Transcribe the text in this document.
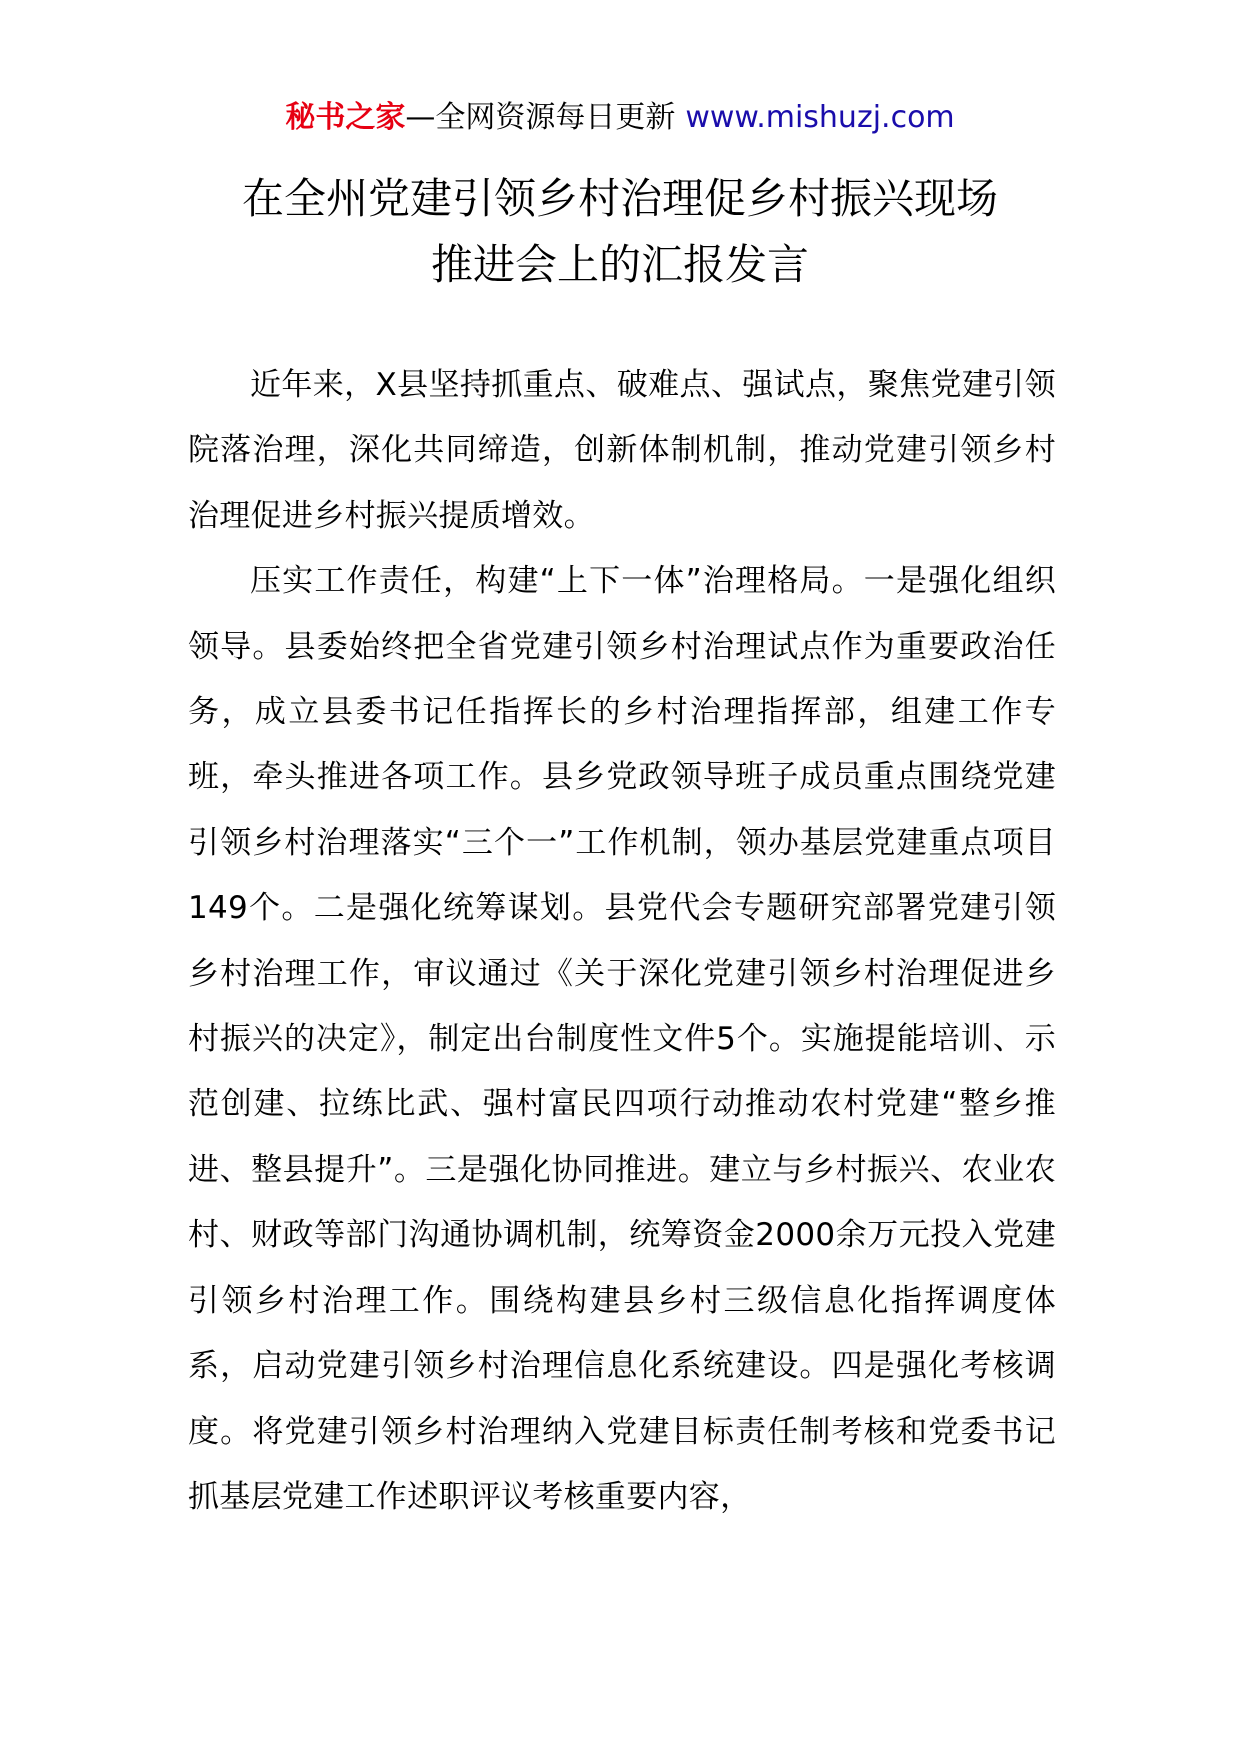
秘书之家—全网资源每日更新 www.mishuzj.com
在全州党建引领乡村治理促乡村振兴现场
推进会上的汇报发言

近年来，X县坚持抓重点、破难点、强试点，聚焦党建引领院落治理，深化共同缔造，创新体制机制，推动党建引领乡村治理促进乡村振兴提质增效。

压实工作责任，构建“上下一体”治理格局。一是强化组织领导。县委始终把全省党建引领乡村治理试点作为重要政治任务，成立县委书记任指挥长的乡村治理指挥部，组建工作专班，牵头推进各项工作。县乡党政领导班子成员重点围绕党建引领乡村治理落实“三个一”工作机制，领办基层党建重点项目149个。二是强化统筹谋划。县党代会专题研究部署党建引领乡村治理工作，审议通过《关于深化党建引领乡村治理促进乡村振兴的决定》，制定出台制度性文件5个。实施提能培训、示范创建、拉练比武、强村富民四项行动推动农村党建“整乡推进、整县提升”。三是强化协同推进。建立与乡村振兴、农业农村、财政等部门沟通协调机制，统筹资金2000余万元投入党建引领乡村治理工作。围绕构建县乡村三级信息化指挥调度体系，启动党建引领乡村治理信息化系统建设。四是强化考核调度。将党建引领乡村治理纳入党建目标责任制考核和党委书记抓基层党建工作述职评议考核重要内容，
